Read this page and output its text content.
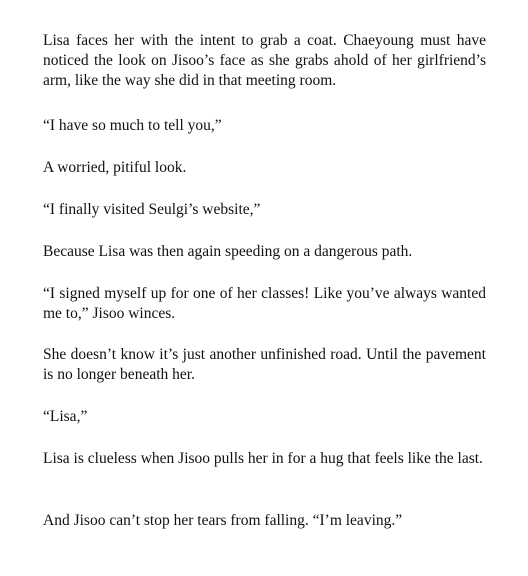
Lisa faces her with the intent to grab a coat. Chaeyoung must have noticed the look on Jisoo’s face as she grabs ahold of her girlfriend’s arm, like the way she did in that meeting room.

“I have so much to tell you,”

A worried, pitiful look.

“I finally visited Seulgi’s website,”

Because Lisa was then again speeding on a dangerous path.

“I signed myself up for one of her classes! Like you’ve always wanted me to,” Jisoo winces.

She doesn’t know it’s just another unfinished road. Until the pavement is no longer beneath her.

“Lisa,”

Lisa is clueless when Jisoo pulls her in for a hug that feels like the last.

And Jisoo can’t stop her tears from falling. “I’m leaving.”
